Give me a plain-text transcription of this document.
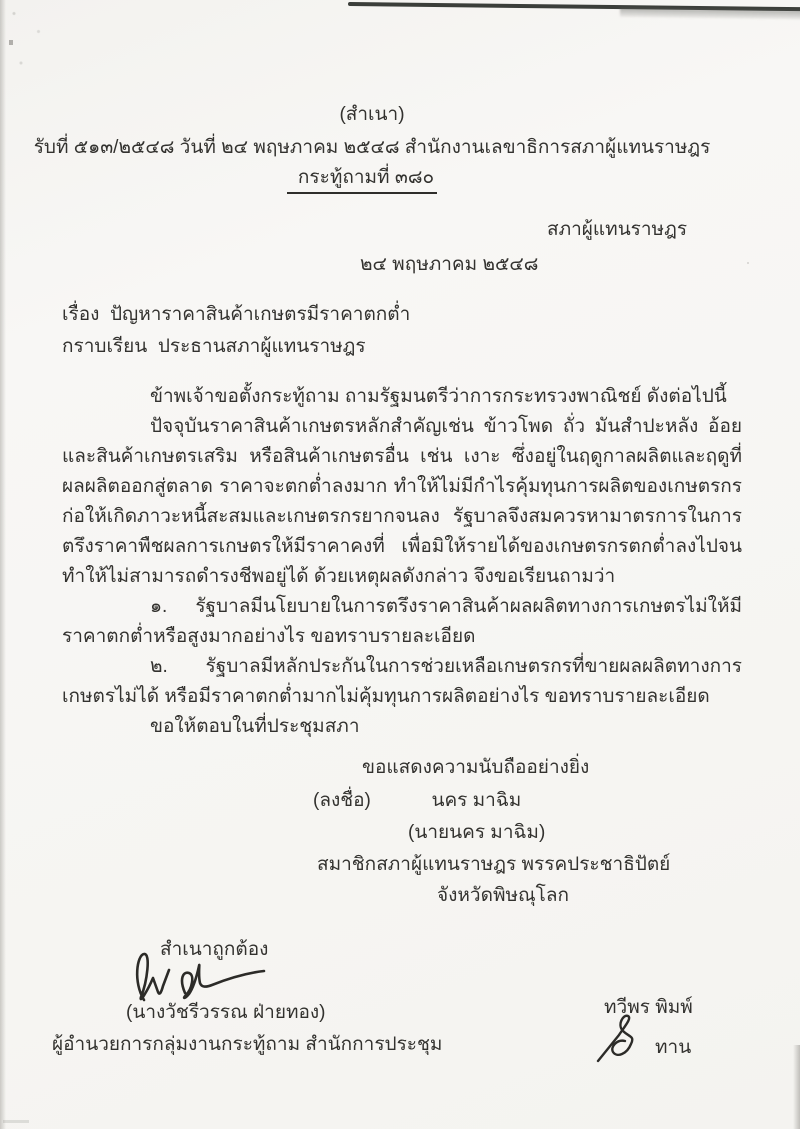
(สำเนา)
รับที่ ๕๑๓/๒๕๔๘ วันที่ ๒๔ พฤษภาคม ๒๕๔๘ สำนักงานเลขาธิการสภาผู้แทนราษฎร
กระทู้ถามที่ ๓๘๐
สภาผู้แทนราษฎร
๒๔ พฤษภาคม ๒๕๔๘
เรื่อง ปัญหาราคาสินค้าเกษตรมีราคาตกต่ำ
กราบเรียน ประธานสภาผู้แทนราษฎร

ข้าพเจ้าขอตั้งกระทู้ถาม ถามรัฐมนตรีว่าการกระทรวงพาณิชย์ ดังต่อไปนี้

ปัจจุบันราคาสินค้าเกษตรหลักสำคัญเช่น ข้าวโพด ถั่ว มันสำปะหลัง อ้อย และสินค้าเกษตรเสริม หรือสินค้าเกษตรอื่น เช่น เงาะ ซึ่งอยู่ในฤดูกาลผลิตและฤดูที่ผลผลิตออกสู่ตลาด ราคาจะตกต่ำลงมาก ทำให้ไม่มีกำไรคุ้มทุนการผลิตของเกษตรกร ก่อให้เกิดภาวะหนี้สะสมและเกษตรกรยากจนลง รัฐบาลจึงสมควรหามาตรการในการตรึงราคาพืชผลการเกษตรให้มีราคาคงที่ เพื่อมิให้รายได้ของเกษตรกรตกต่ำลงไปจนทำให้ไม่สามารถดำรงชีพอยู่ได้ ด้วยเหตุผลดังกล่าว จึงขอเรียนถามว่า

๑. รัฐบาลมีนโยบายในการตรึงราคาสินค้าผลผลิตทางการเกษตรไม่ให้มีราคาตกต่ำหรือสูงมากอย่างไร ขอทราบรายละเอียด

๒. รัฐบาลมีหลักประกันในการช่วยเหลือเกษตรกรที่ขายผลผลิตทางการเกษตรไม่ได้ หรือมีราคาตกต่ำมากไม่คุ้มทุนการผลิตอย่างไร ขอทราบรายละเอียด

ขอให้ตอบในที่ประชุมสภา

ขอแสดงความนับถืออย่างยิ่ง
(ลงชื่อ)	นคร มาฉิม
(นายนคร มาฉิม)
สมาชิกสภาผู้แทนราษฎร พรรคประชาธิปัตย์
จังหวัดพิษณุโลก
สำเนาถูกต้อง
(นางวัชรีวรรณ ฝ่ายทอง)
ผู้อำนวยการกลุ่มงานกระทู้ถาม สำนักการประชุม
ทวีพร พิมพ์
ทาน
